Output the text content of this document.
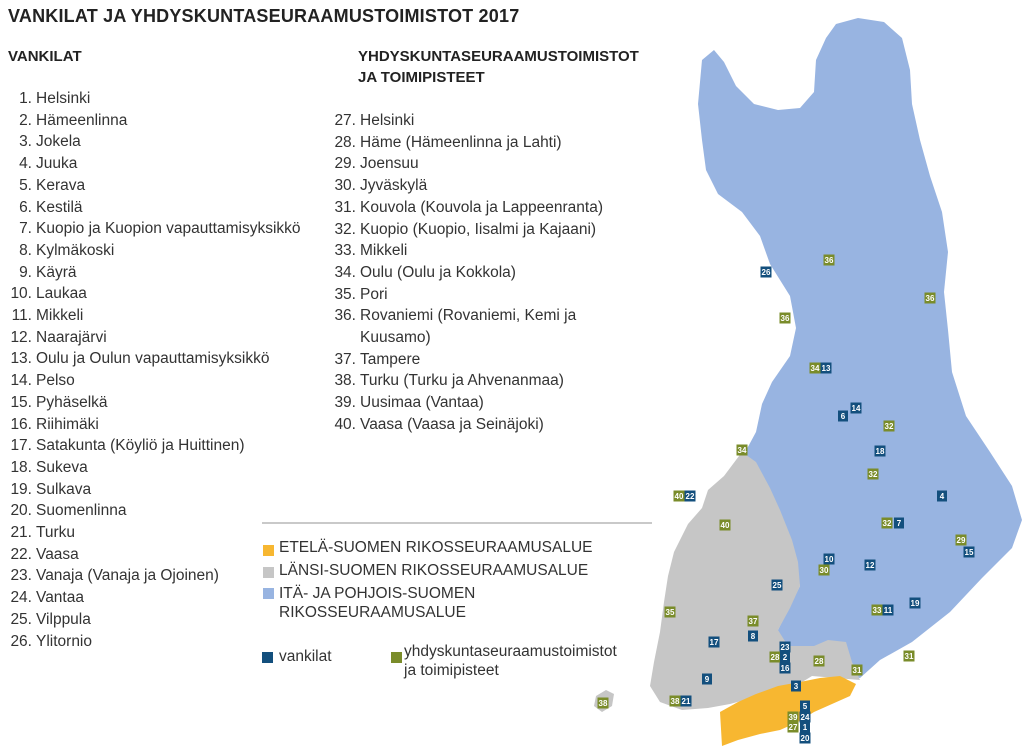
VANKILAT JA YHDYSKUNTASEURAAMUSTOIMISTOT 2017
VANKILAT
1. Helsinki
2. Hämeenlinna
3. Jokela
4. Juuka
5. Kerava
6. Kestilä
7. Kuopio ja Kuopion vapauttamisyksikkö
8. Kylmäkoski
9. Käyrä
10. Laukaa
11. Mikkeli
12. Naarajärvi
13. Oulu ja Oulun vapauttamisyksikkö
14. Pelso
15. Pyhäselkä
16. Riihimäki
17. Satakunta (Köyliö ja Huittinen)
18. Sukeva
19. Sulkava
20. Suomenlinna
21. Turku
22. Vaasa
23. Vanaja (Vanaja ja Ojoinen)
24. Vantaa
25. Vilppula
26. Ylitornio
YHDYSKUNTASEURAAMUSTOIMISTOT
JA TOIMIPISTEET
27. Helsinki
28. Häme (Hämeenlinna ja Lahti)
29. Joensuu
30. Jyväskylä
31. Kouvola (Kouvola ja Lappeenranta)
32. Kuopio (Kuopio, Iisalmi ja Kajaani)
33. Mikkeli
34. Oulu (Oulu ja Kokkola)
35. Pori
36. Rovaniemi (Rovaniemi, Kemi ja Kuusamo)
37. Tampere
38. Turku (Turku ja Ahvenanmaa)
39. Uusimaa (Vantaa)
40. Vaasa (Vaasa ja Seinäjoki)
ETELÄ-SUOMEN RIKOSSEURAAMUSALUE
LÄNSI-SUOMEN RIKOSSEURAAMUSALUE
ITÄ- JA POHJOIS-SUOMEN
RIKOSSEURAAMUSALUE
vankilat	yhdyskuntaseuraamustoimistot
ja toimipisteet
26
36
36
36
34 13
14
6
32
18
32
34
4
40 22
40	32 7
29
15
10
30
12
25
35	33 11
19
37
8
17
23
28 2
16
28
31
31
9
3
38	38 21
5
39 24
27 1
20
